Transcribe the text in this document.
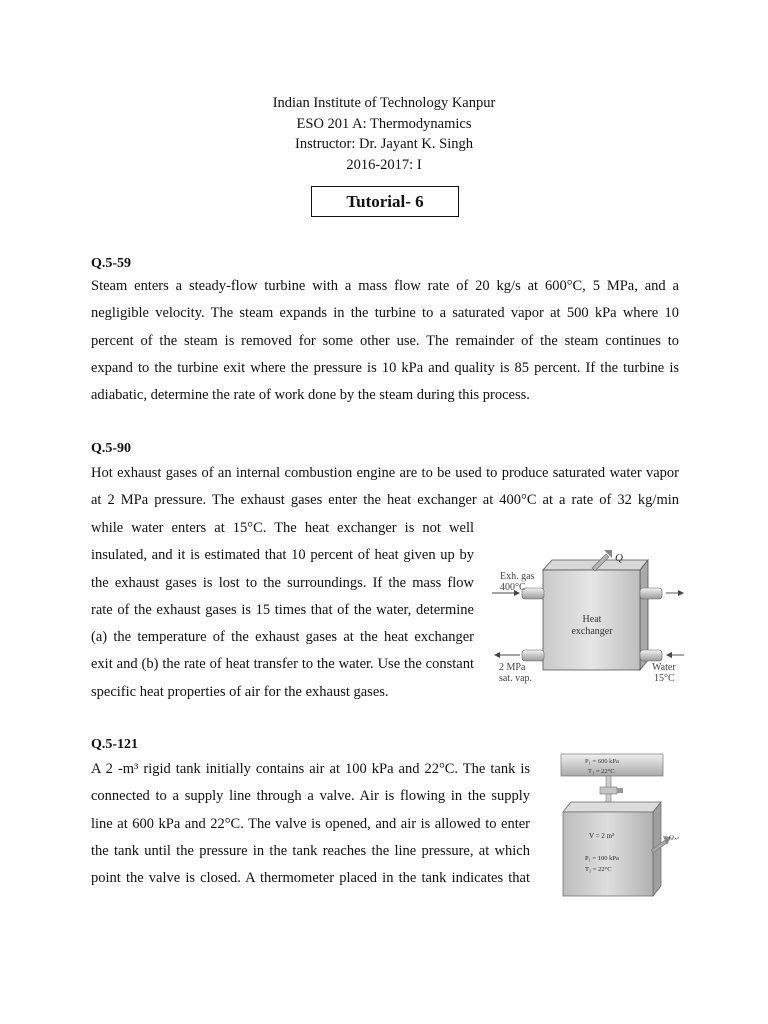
Indian Institute of Technology Kanpur
ESO 201 A: Thermodynamics
Instructor: Dr. Jayant K. Singh
2016-2017: I
Tutorial- 6
Q.5-59
Steam enters a steady-flow turbine with a mass flow rate of 20 kg/s at 600°C, 5 MPa, and a
negligible velocity. The steam expands in the turbine to a saturated vapor at 500 kPa where 10
percent of the steam is removed for some other use. The remainder of the steam continues to
expand to the turbine exit where the pressure is 10 kPa and quality is 85 percent. If the turbine is
adiabatic, determine the rate of work done by the steam during this process.
Q.5-90
Hot exhaust gases of an internal combustion engine are to be used to produce saturated water vapor
at 2 MPa pressure. The exhaust gases enter the heat exchanger at 400°C at a rate of 32 kg/min
while water enters at 15°C. The heat exchanger is not well
insulated, and it is estimated that 10 percent of heat given up by
the exhaust gases is lost to the surroundings. If the mass flow
rate of the exhaust gases is 15 times that of the water, determine
(a) the temperature of the exhaust gases at the heat exchanger
exit and (b) the rate of heat transfer to the water. Use the constant
specific heat properties of air for the exhaust gases.
Q
Exh. gas
400°C
Heat
exchanger
2 MPa
sat. vap.
Water
15°C
Q.5-121
A 2 -m³ rigid tank initially contains air at 100 kPa and 22°C. The tank is
connected to a supply line through a valve. Air is flowing in the supply
line at 600 kPa and 22°C. The valve is opened, and air is allowed to enter
the tank until the pressure in the tank reaches the line pressure, at which
point the valve is closed. A thermometer placed in the tank indicates that
P₁ = 600 kPa
T₁ = 22°C
V = 2 m³
P₁ = 100 kPa
T₁ = 22°C
Qₒᵤₜ
